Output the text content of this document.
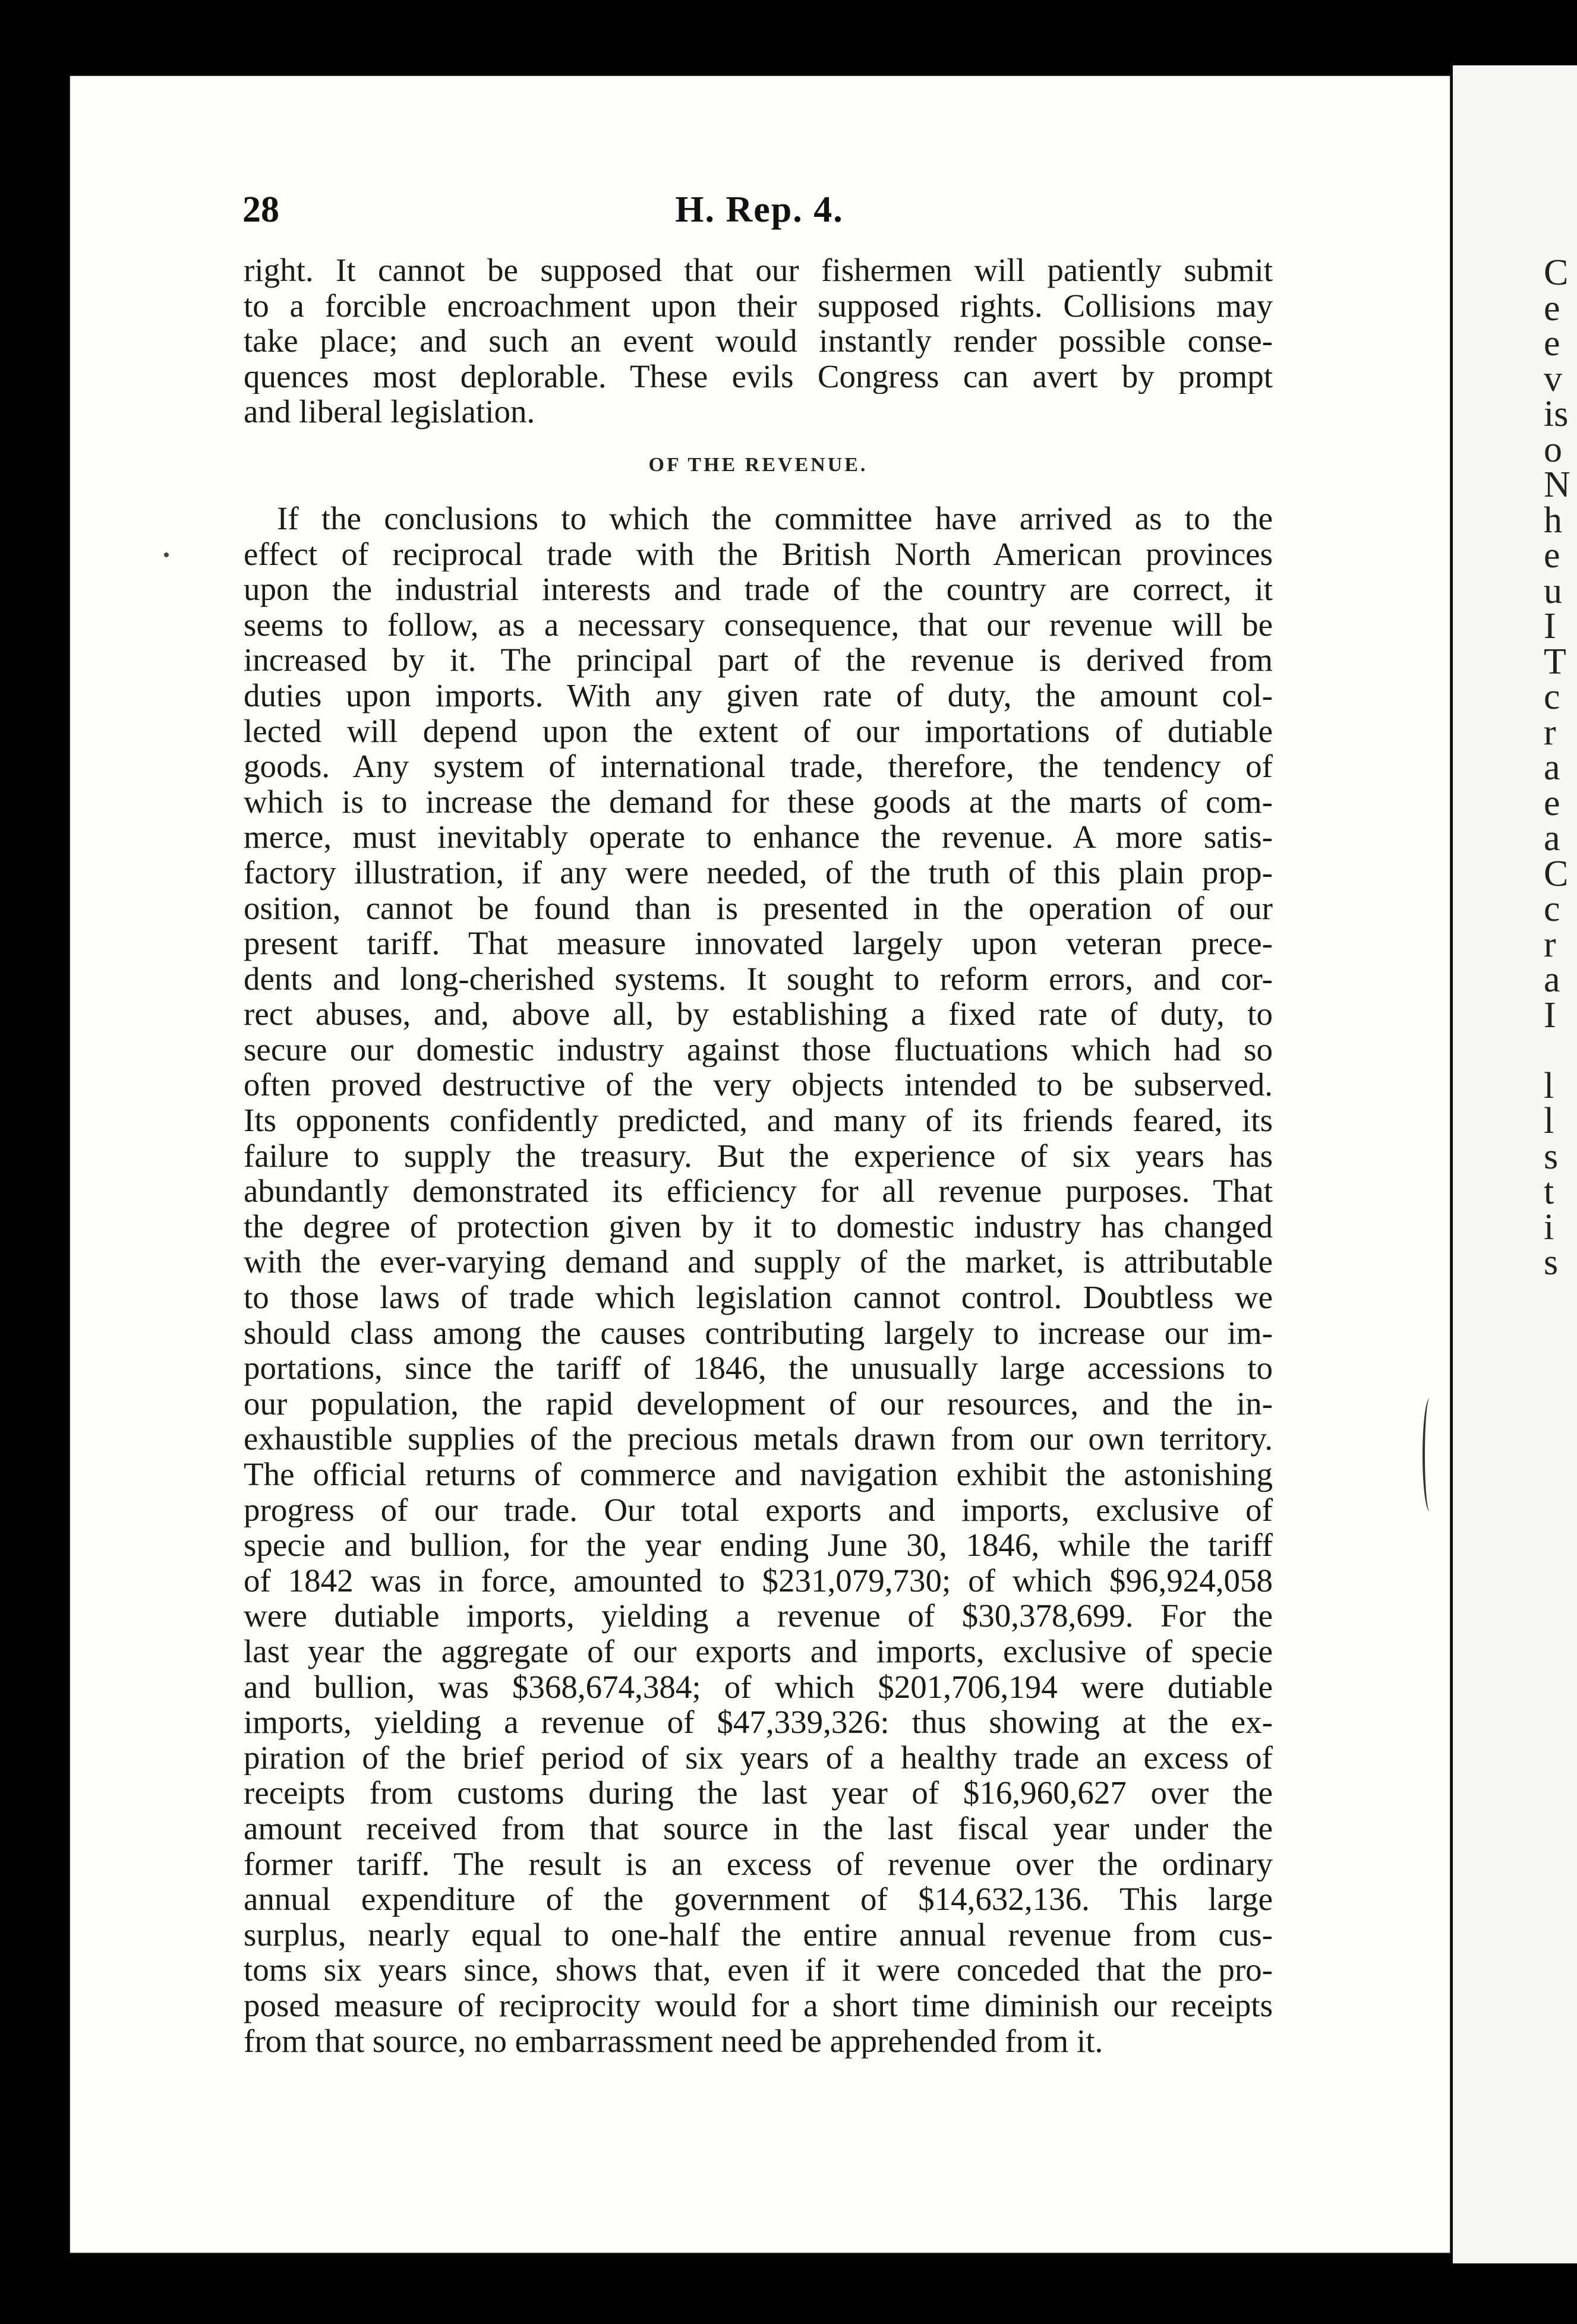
C
e
e
v
is
o
N
h
e
u
I
T
c
r
a
e
a
C
c
r
a
I
l
l
s
t
i
s
28	H. Rep. 4.
right. It cannot be supposed that our fishermen will patiently submit
to a forcible encroachment upon their supposed rights. Collisions may
take place; and such an event would instantly render possible conse-
quences most deplorable. These evils Congress can avert by prompt
and liberal legislation.
OF THE REVENUE.
If the conclusions to which the committee have arrived as to the
effect of reciprocal trade with the British North American provinces
upon the industrial interests and trade of the country are correct, it
seems to follow, as a necessary consequence, that our revenue will be
increased by it. The principal part of the revenue is derived from
duties upon imports. With any given rate of duty, the amount col-
lected will depend upon the extent of our importations of dutiable
goods. Any system of international trade, therefore, the tendency of
which is to increase the demand for these goods at the marts of com-
merce, must inevitably operate to enhance the revenue. A more satis-
factory illustration, if any were needed, of the truth of this plain prop-
osition, cannot be found than is presented in the operation of our
present tariff. That measure innovated largely upon veteran prece-
dents and long-cherished systems. It sought to reform errors, and cor-
rect abuses, and, above all, by establishing a fixed rate of duty, to
secure our domestic industry against those fluctuations which had so
often proved destructive of the very objects intended to be subserved.
Its opponents confidently predicted, and many of its friends feared, its
failure to supply the treasury. But the experience of six years has
abundantly demonstrated its efficiency for all revenue purposes. That
the degree of protection given by it to domestic industry has changed
with the ever-varying demand and supply of the market, is attributable
to those laws of trade which legislation cannot control. Doubtless we
should class among the causes contributing largely to increase our im-
portations, since the tariff of 1846, the unusually large accessions to
our population, the rapid development of our resources, and the in-
exhaustible supplies of the precious metals drawn from our own territory.
The official returns of commerce and navigation exhibit the astonishing
progress of our trade. Our total exports and imports, exclusive of
specie and bullion, for the year ending June 30, 1846, while the tariff
of 1842 was in force, amounted to $231,079,730; of which $96,924,058
were dutiable imports, yielding a revenue of $30,378,699. For the
last year the aggregate of our exports and imports, exclusive of specie
and bullion, was $368,674,384; of which $201,706,194 were dutiable
imports, yielding a revenue of $47,339,326: thus showing at the ex-
piration of the brief period of six years of a healthy trade an excess of
receipts from customs during the last year of $16,960,627 over the
amount received from that source in the last fiscal year under the
former tariff. The result is an excess of revenue over the ordinary
annual expenditure of the government of $14,632,136. This large
surplus, nearly equal to one-half the entire annual revenue from cus-
toms six years since, shows that, even if it were conceded that the pro-
posed measure of reciprocity would for a short time diminish our receipts
from that source, no embarrassment need be apprehended from it.
